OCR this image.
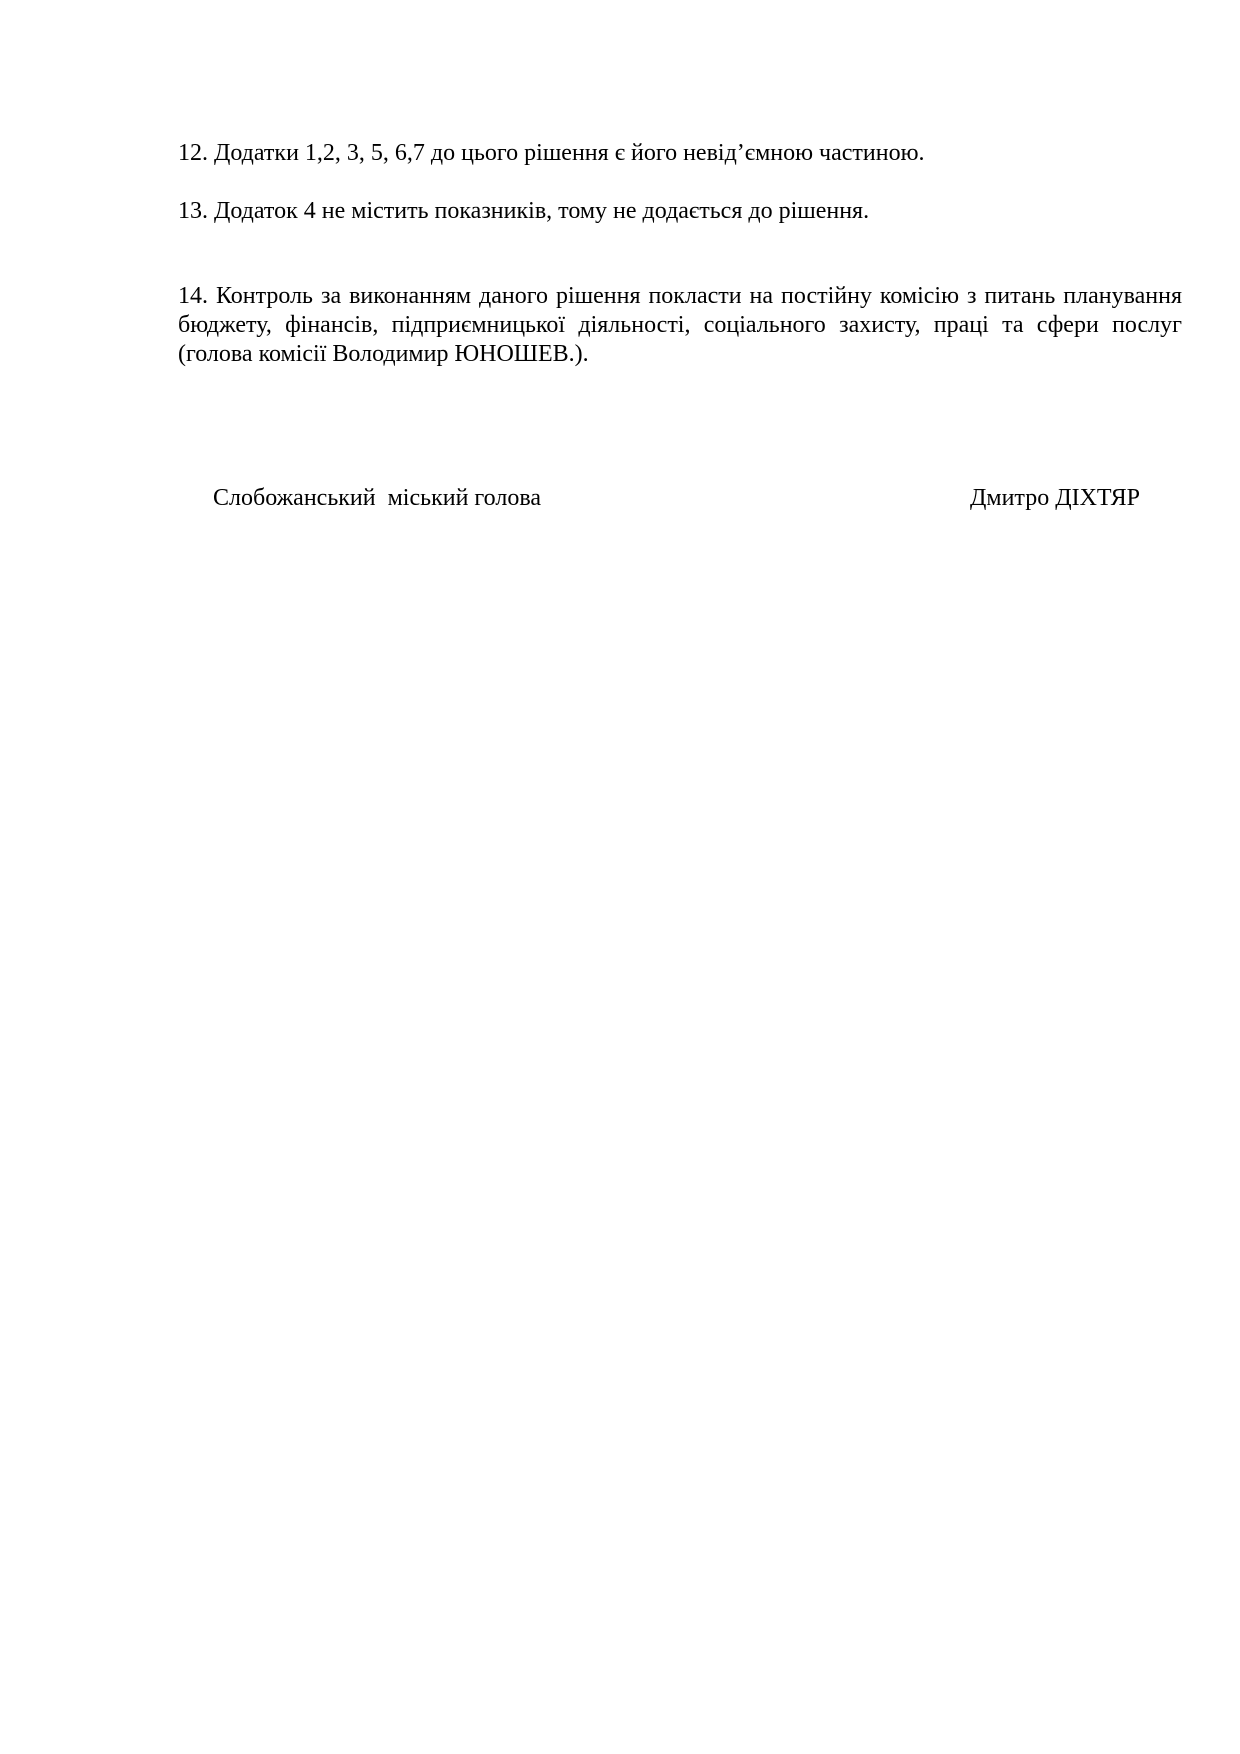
12. Додатки 1,2, 3, 5, 6,7 до цього рішення є його невід’ємною частиною.

13. Додаток 4 не містить показників, тому не додається до рішення.

14. Контроль за виконанням даного рішення покласти на постійну комісію з питань планування бюджету, фінансів, підприємницької діяльності, соціального захисту, праці та сфери послуг (голова комісії Володимир ЮНОШЕВ.).

Слобожанський  міський голова	Дмитро ДІХТЯР
